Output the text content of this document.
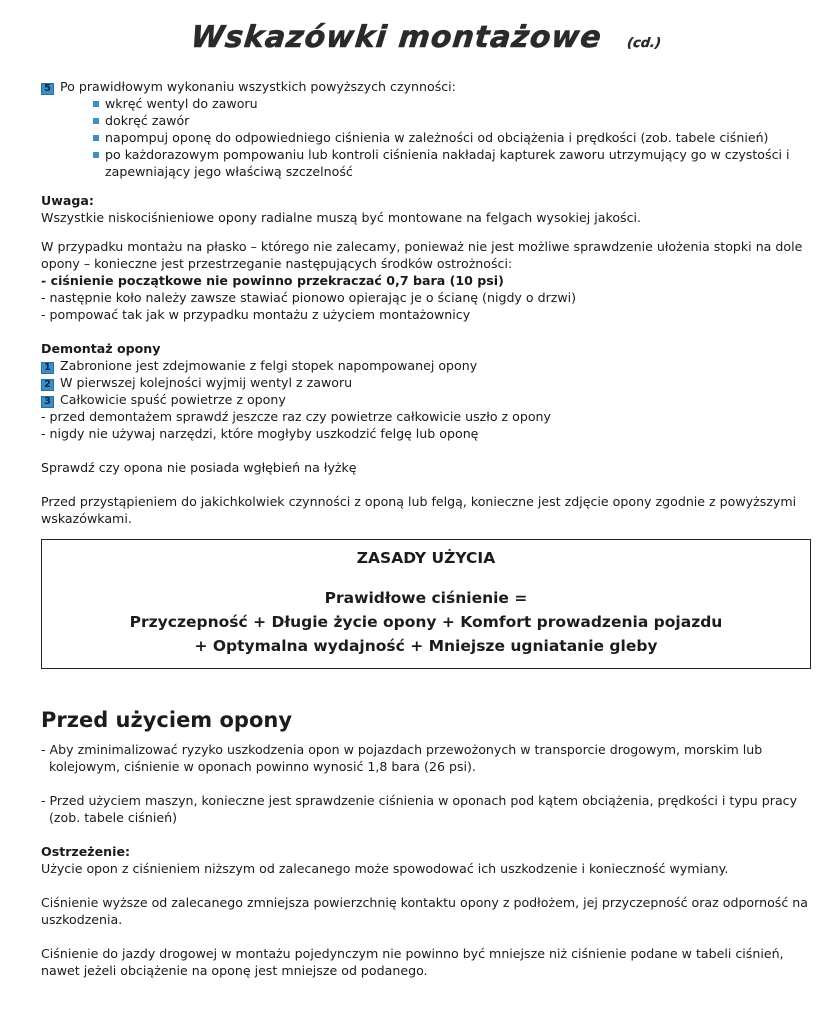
Wskazówki montażowe (cd.)

5 Po prawidłowym wykonaniu wszystkich powyższych czynności:

wkręć wentyl do zaworu
dokręć zawór
napompuj oponę do odpowiedniego ciśnienia w zależności od obciążenia i prędkości (zob. tabele ciśnień)
po każdorazowym pompowaniu lub kontroli ciśnienia nakładaj kapturek zaworu utrzymujący go w czystości i zapewniający jego właściwą szczelność

Uwaga:

Wszystkie niskociśnieniowe opony radialne muszą być montowane na felgach wysokiej jakości.

W przypadku montażu na płasko – którego nie zalecamy, ponieważ nie jest możliwe sprawdzenie ułożenia stopki na dole opony – konieczne jest przestrzeganie następujących środków ostrożności:

- ciśnienie początkowe nie powinno przekraczać 0,7 bara (10 psi)

- następnie koło należy zawsze stawiać pionowo opierając je o ścianę (nigdy o drzwi)

- pompować tak jak w przypadku montażu z użyciem montażownicy

Demontaż opony

1 Zabronione jest zdejmowanie z felgi stopek napompowanej opony

2 W pierwszej kolejności wyjmij wentyl z zaworu

3 Całkowicie spuść powietrze z opony

- przed demontażem sprawdź jeszcze raz czy powietrze całkowicie uszło z opony

- nigdy nie używaj narzędzi, które mogłyby uszkodzić felgę lub oponę

Sprawdź czy opona nie posiada wgłębień na łyżkę

Przed przystąpieniem do jakichkolwiek czynności z oponą lub felgą, konieczne jest zdjęcie opony zgodnie z powyższymi wskazówkami.

ZASADY UŻYCIA
Prawidłowe ciśnienie =
Przyczepność + Długie życie opony + Komfort prowadzenia pojazdu
+ Optymalna wydajność + Mniejsze ugniatanie gleby
Przed użyciem opony

- Aby zminimalizować ryzyko uszkodzenia opon w pojazdach przewożonych w transporcie drogowym, morskim lub

kolejowym, ciśnienie w oponach powinno wynosić 1,8 bara (26 psi).

- Przed użyciem maszyn, konieczne jest sprawdzenie ciśnienia w oponach pod kątem obciążenia, prędkości i typu pracy

(zob. tabele ciśnień)

Ostrzeżenie:

Użycie opon z ciśnieniem niższym od zalecanego może spowodować ich uszkodzenie i konieczność wymiany.

Ciśnienie wyższe od zalecanego zmniejsza powierzchnię kontaktu opony z podłożem, jej przyczepność oraz odporność na uszkodzenia.

Ciśnienie do jazdy drogowej w montażu pojedynczym nie powinno być mniejsze niż ciśnienie podane w tabeli ciśnień, nawet jeżeli obciążenie na oponę jest mniejsze od podanego.
